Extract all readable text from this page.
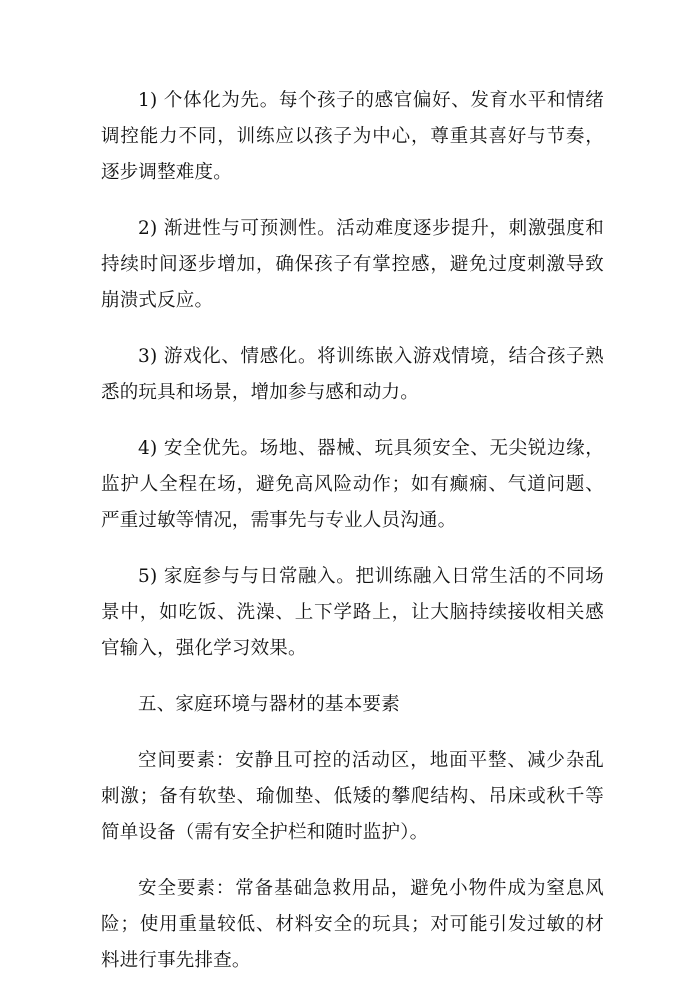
1) 个体化为先。每个孩子的感官偏好、发育水平和情绪调控能力不同，训练应以孩子为中心，尊重其喜好与节奏，逐步调整难度。

2) 渐进性与可预测性。活动难度逐步提升，刺激强度和持续时间逐步增加，确保孩子有掌控感，避免过度刺激导致崩溃式反应。

3) 游戏化、情感化。将训练嵌入游戏情境，结合孩子熟悉的玩具和场景，增加参与感和动力。

4) 安全优先。场地、器械、玩具须安全、无尖锐边缘，监护人全程在场，避免高风险动作；如有癫痫、气道问题、严重过敏等情况，需事先与专业人员沟通。

5) 家庭参与与日常融入。把训练融入日常生活的不同场景中，如吃饭、洗澡、上下学路上，让大脑持续接收相关感官输入，强化学习效果。

五、家庭环境与器材的基本要素

空间要素：安静且可控的活动区，地面平整、减少杂乱刺激；备有软垫、瑜伽垫、低矮的攀爬结构、吊床或秋千等简单设备（需有安全护栏和随时监护）。

安全要素：常备基础急救用品，避免小物件成为窒息风险；使用重量较低、材料安全的玩具；对可能引发过敏的材料进行事先排查。
